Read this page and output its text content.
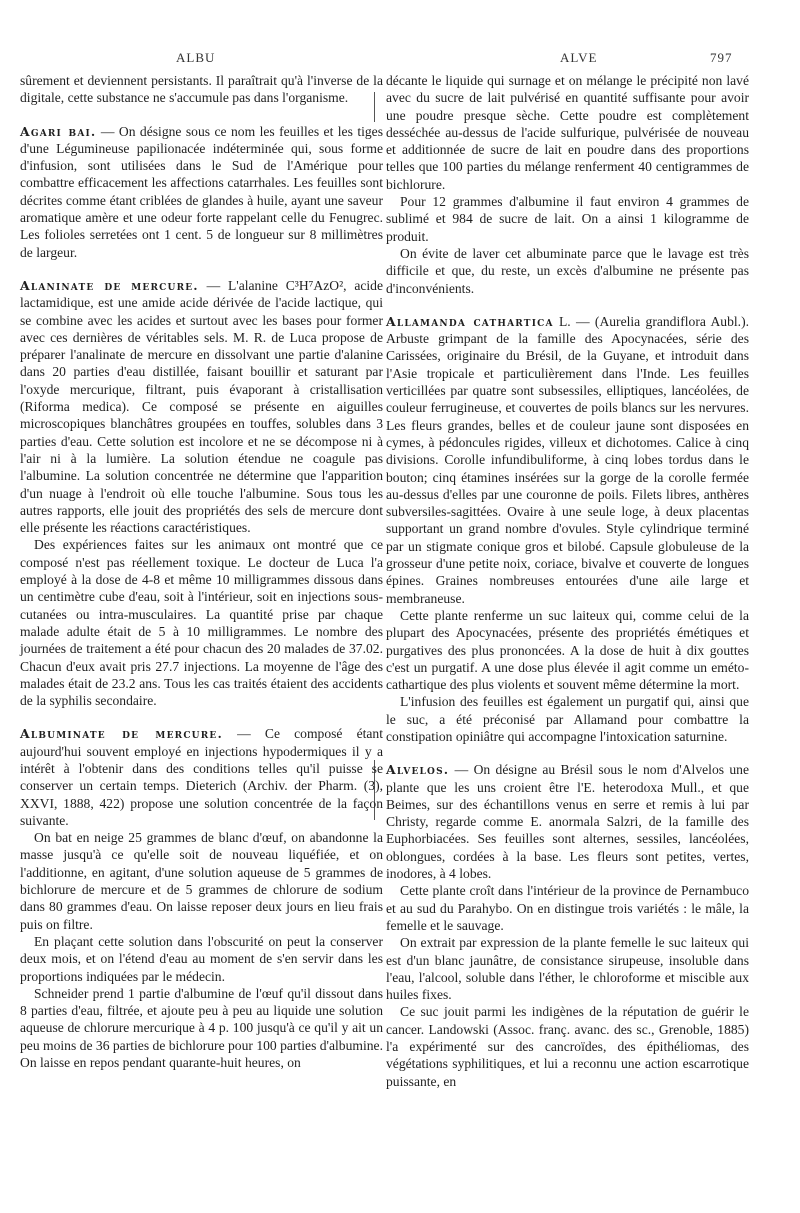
ALBU	ALVE	797

sûrement et deviennent persistants. Il paraîtrait qu'à l'inverse de la digitale, cette substance ne s'accumule pas dans l'organisme.

Agari bai. — On désigne sous ce nom les feuilles et les tiges d'une Légumineuse papilionacée indéterminée qui, sous forme d'infusion, sont utilisées dans le Sud de l'Amérique pour combattre efficacement les affections catarrhales. Les feuilles sont décrites comme étant criblées de glandes à huile, ayant une saveur aromatique amère et une odeur forte rappelant celle du Fenugrec. Les folioles serretées ont 1 cent. 5 de longueur sur 8 millimètres de largeur.

Alaninate de mercure. — L'alanine C³H⁷AzO², acide lactamidique, est une amide acide dérivée de l'acide lactique, qui se combine avec les acides et surtout avec les bases pour former avec ces dernières de véritables sels. M. R. de Luca propose de préparer l'analinate de mercure en dissolvant une partie d'alanine dans 20 parties d'eau distillée, faisant bouillir et saturant par l'oxyde mercurique, filtrant, puis évaporant à cristallisation (Riforma medica). Ce composé se présente en aiguilles microscopiques blanchâtres groupées en touffes, solubles dans 3 parties d'eau. Cette solution est incolore et ne se décompose ni à l'air ni à la lumière. La solution étendue ne coagule pas l'albumine. La solution concentrée ne détermine que l'apparition d'un nuage à l'endroit où elle touche l'albumine. Sous tous les autres rapports, elle jouit des propriétés des sels de mercure dont elle présente les réactions caractéristiques.

Des expériences faites sur les animaux ont montré que ce composé n'est pas réellement toxique. Le docteur de Luca l'a employé à la dose de 4-8 et même 10 milligrammes dissous dans un centimètre cube d'eau, soit à l'intérieur, soit en injections sous-cutanées ou intra-musculaires. La quantité prise par chaque malade adulte était de 5 à 10 milligrammes. Le nombre des journées de traitement a été pour chacun des 20 malades de 37.02. Chacun d'eux avait pris 27.7 injections. La moyenne de l'âge des malades était de 23.2 ans. Tous les cas traités étaient des accidents de la syphilis secondaire.

Albuminate de mercure. — Ce composé étant aujourd'hui souvent employé en injections hypodermiques il y a intérêt à l'obtenir dans des conditions telles qu'il puisse se conserver un certain temps. Dieterich (Archiv. der Pharm. (3), XXVI, 1888, 422) propose une solution concentrée de la façon suivante.

On bat en neige 25 grammes de blanc d'œuf, on abandonne la masse jusqu'à ce qu'elle soit de nouveau liquéfiée, et on l'additionne, en agitant, d'une solution aqueuse de 5 grammes de bichlorure de mercure et de 5 grammes de chlorure de sodium dans 80 grammes d'eau. On laisse reposer deux jours en lieu frais puis on filtre.

En plaçant cette solution dans l'obscurité on peut la conserver deux mois, et on l'étend d'eau au moment de s'en servir dans les proportions indiquées par le médecin.

Schneider prend 1 partie d'albumine de l'œuf qu'il dissout dans 8 parties d'eau, filtrée, et ajoute peu à peu au liquide une solution aqueuse de chlorure mercurique à 4 p. 100 jusqu'à ce qu'il y ait un peu moins de 36 parties de bichlorure pour 100 parties d'albumine. On laisse en repos pendant quarante-huit heures, on

décante le liquide qui surnage et on mélange le précipité non lavé avec du sucre de lait pulvérisé en quantité suffisante pour avoir une poudre presque sèche. Cette poudre est complètement desséchée au-dessus de l'acide sulfurique, pulvérisée de nouveau et additionnée de sucre de lait en poudre dans des proportions telles que 100 parties du mélange renferment 40 centigrammes de bichlorure.

Pour 12 grammes d'albumine il faut environ 4 grammes de sublimé et 984 de sucre de lait. On a ainsi 1 kilogramme de produit.

On évite de laver cet albuminate parce que le lavage est très difficile et que, du reste, un excès d'albumine ne présente pas d'inconvénients.

Allamanda cathartica L. — (Aurelia grandiflora Aubl.). Arbuste grimpant de la famille des Apocynacées, série des Carissées, originaire du Brésil, de la Guyane, et introduit dans l'Asie tropicale et particulièrement dans l'Inde. Les feuilles verticillées par quatre sont subsessiles, elliptiques, lancéolées, de couleur ferrugineuse, et couvertes de poils blancs sur les nervures. Les fleurs grandes, belles et de couleur jaune sont disposées en cymes, à pédoncules rigides, villeux et dichotomes. Calice à cinq divisions. Corolle infundibuliforme, à cinq lobes tordus dans le bouton; cinq étamines insérées sur la gorge de la corolle fermée au-dessus d'elles par une couronne de poils. Filets libres, anthères subversiles-sagittées. Ovaire à une seule loge, à deux placentas supportant un grand nombre d'ovules. Style cylindrique terminé par un stigmate conique gros et bilobé. Capsule globuleuse de la grosseur d'une petite noix, coriace, bivalve et couverte de longues épines. Graines nombreuses entourées d'une aile large et membraneuse.

Cette plante renferme un suc laiteux qui, comme celui de la plupart des Apocynacées, présente des propriétés émétiques et purgatives des plus prononcées. A la dose de huit à dix gouttes c'est un purgatif. A une dose plus élevée il agit comme un eméto-cathartique des plus violents et souvent même détermine la mort.

L'infusion des feuilles est également un purgatif qui, ainsi que le suc, a été préconisé par Allamand pour combattre la constipation opiniâtre qui accompagne l'intoxication saturnine.

Alvelos. — On désigne au Brésil sous le nom d'Alvelos une plante que les uns croient être l'E. heterodoxa Mull., et que Beimes, sur des échantillons venus en serre et remis à lui par Christy, regarde comme E. anormala Salzri, de la famille des Euphorbiacées. Ses feuilles sont alternes, sessiles, lancéolées, oblongues, cordées à la base. Les fleurs sont petites, vertes, inodores, à 4 lobes.

Cette plante croît dans l'intérieur de la province de Pernambuco et au sud du Parahybo. On en distingue trois variétés : le mâle, la femelle et le sauvage.

On extrait par expression de la plante femelle le suc laiteux qui est d'un blanc jaunâtre, de consistance sirupeuse, insoluble dans l'eau, l'alcool, soluble dans l'éther, le chloroforme et miscible aux huiles fixes.

Ce suc jouit parmi les indigènes de la réputation de guérir le cancer. Landowski (Assoc. franç. avanc. des sc., Grenoble, 1885) l'a expérimenté sur des cancroïdes, des épithéliomas, des végétations syphilitiques, et lui a reconnu une action escarrotique puissante, en
